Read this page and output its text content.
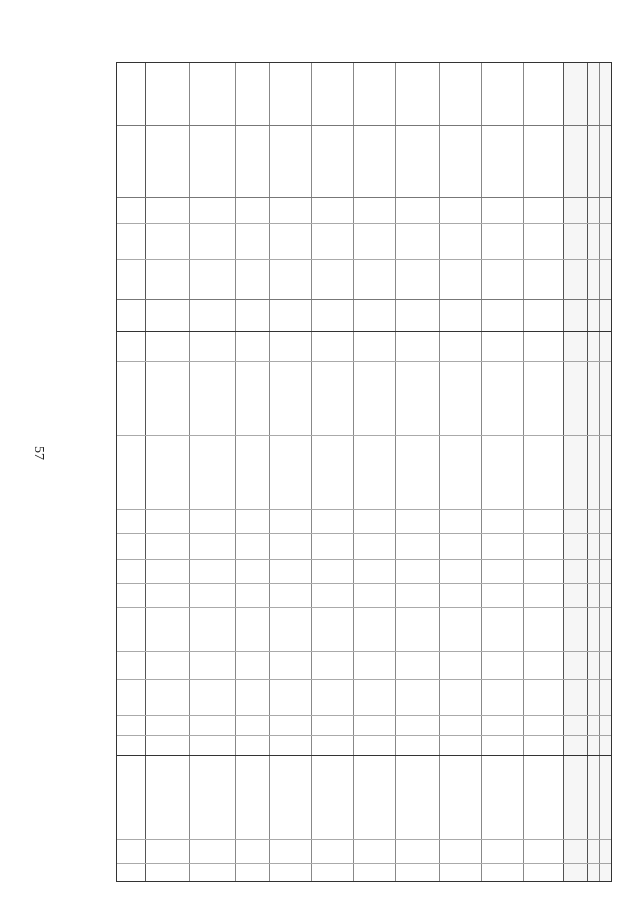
57
